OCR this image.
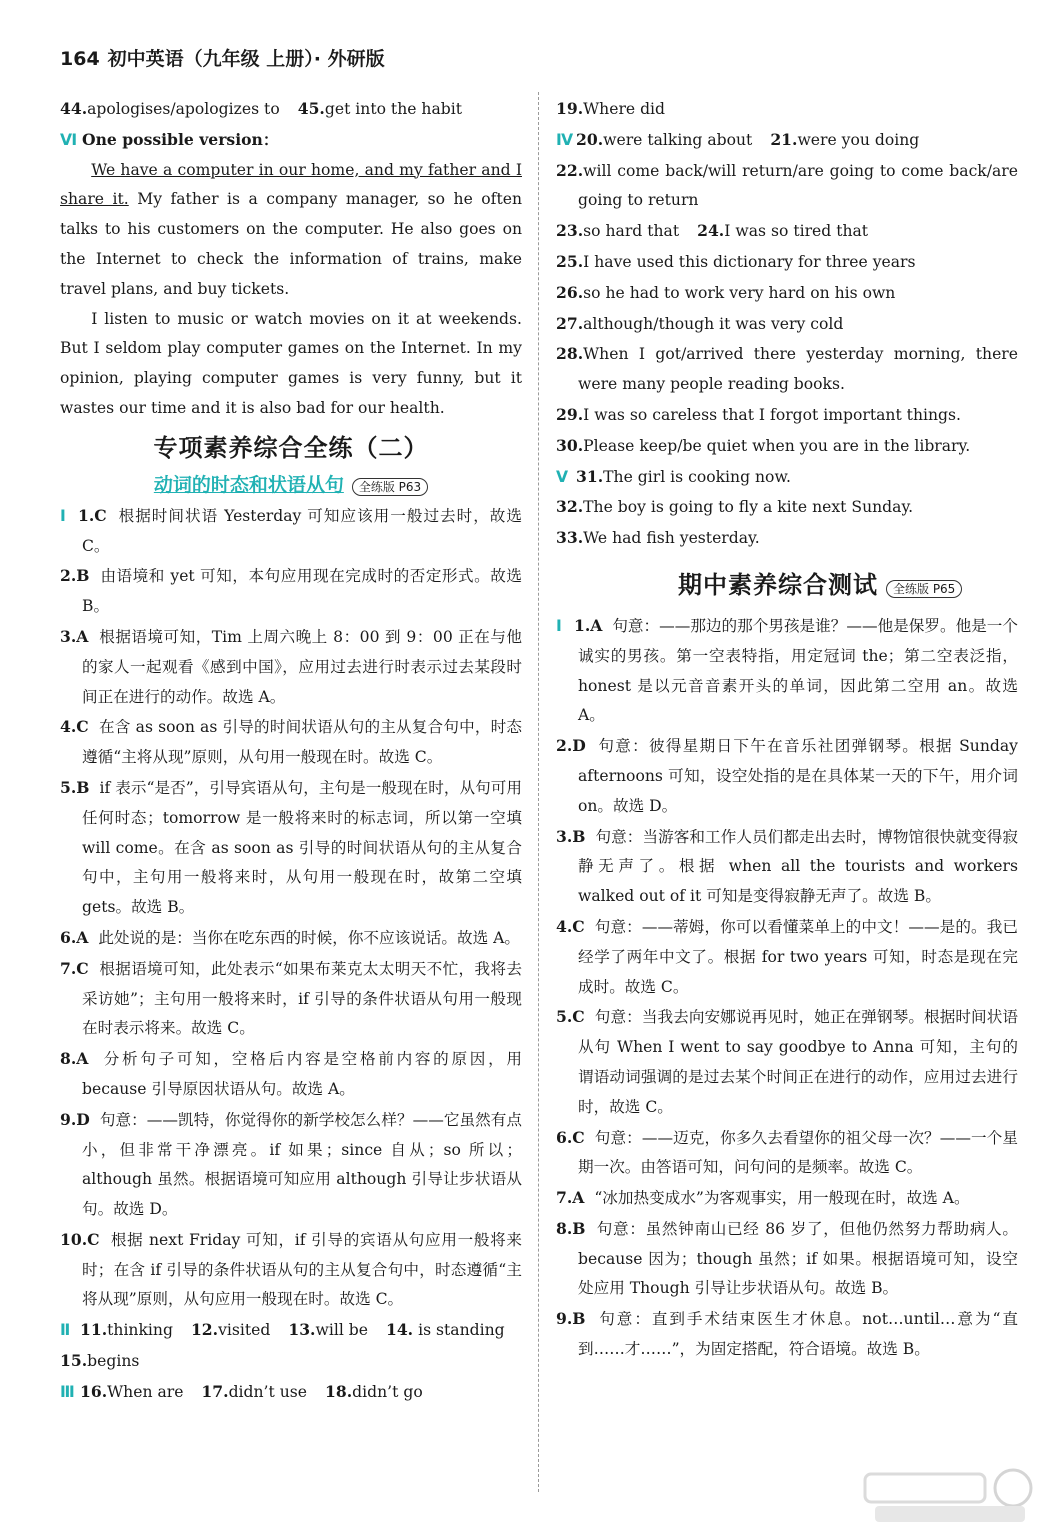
164 初中英语（九年级 上册）· 外研版
44.apologises/apologizes to 45.get into the habit
Ⅵ One possible version：
We have a computer in our home, and my father and I share it. My father is a company manager, so he often talks to his customers on the computer. He also goes on the Internet to check the information of trains, make travel plans, and buy tickets.
I listen to music or watch movies on it at weekends. But I seldom play computer games on the Internet. In my opinion, playing computer games is very funny, but it wastes our time and it is also bad for our health.
专项素养综合全练（二）
动词的时态和状语从句 全练版 P63
Ⅰ 1.C 根据时间状语 Yesterday 可知应该用一般过去时，故选 C。
2.B 由语境和 yet 可知，本句应用现在完成时的否定形式。故选 B。
3.A 根据语境可知，Tim 上周六晚上 8：00 到 9：00 正在与他的家人一起观看《感到中国》，应用过去进行时表示过去某段时间正在进行的动作。故选 A。
4.C 在含 as soon as 引导的时间状语从句的主从复合句中，时态遵循“主将从现”原则，从句用一般现在时。故选 C。
5.B if 表示“是否”，引导宾语从句，主句是一般现在时，从句可用任何时态；tomorrow 是一般将来时的标志词，所以第一空填 will come。在含 as soon as 引导的时间状语从句的主从复合句中，主句用一般将来时，从句用一般现在时，故第二空填 gets。故选 B。
6.A 此处说的是：当你在吃东西的时候，你不应该说话。故选 A。
7.C 根据语境可知，此处表示“如果布莱克太太明天不忙，我将去采访她”；主句用一般将来时，if 引导的条件状语从句用一般现在时表示将来。故选 C。
8.A 分析句子可知，空格后内容是空格前内容的原因，用 because 引导原因状语从句。故选 A。
9.D 句意：——凯特，你觉得你的新学校怎么样？——它虽然有点小，但非常干净漂亮。if 如果；since 自从；so 所以；although 虽然。根据语境可知应用 although 引导让步状语从句。故选 D。
10.C 根据 next Friday 可知，if 引导的宾语从句应用一般将来时；在含 if 引导的条件状语从句的主从复合句中，时态遵循“主将从现”原则，从句应用一般现在时。故选 C。
Ⅱ 11.thinking 12.visited 13.will be 14. is standing
15.begins
Ⅲ 16.When are 17.didn’t use 18.didn’t go
19.Where did
Ⅳ 20.were talking about 21.were you doing
22.will come back/will return/are going to come back/are going to return
23.so hard that 24.I was so tired that
25.I have used this dictionary for three years
26.so he had to work very hard on his own
27.although/though it was very cold
28.When I got/arrived there yesterday morning, there were many people reading books.
29.I was so careless that I forgot important things.
30.Please keep/be quiet when you are in the library.
Ⅴ 31.The girl is cooking now.
32.The boy is going to fly a kite next Sunday.
33.We had fish yesterday.
期中素养综合测试 全练版 P65
Ⅰ 1.A 句意：——那边的那个男孩是谁？——他是保罗。他是一个诚实的男孩。第一空表特指，用定冠词 the；第二空表泛指，honest 是以元音音素开头的单词，因此第二空用 an。故选 A。
2.D 句意：彼得星期日下午在音乐社团弹钢琴。根据 Sunday afternoons 可知，设空处指的是在具体某一天的下午，用介词 on。故选 D。
3.B 句意：当游客和工作人员们都走出去时，博物馆很快就变得寂静无声了。根据 when all the tourists and workers walked out of it 可知是变得寂静无声了。故选 B。
4.C 句意：——蒂姆，你可以看懂菜单上的中文！——是的。我已经学了两年中文了。根据 for two years 可知，时态是现在完成时。故选 C。
5.C 句意：当我去向安娜说再见时，她正在弹钢琴。根据时间状语从句 When I went to say goodbye to Anna 可知，主句的谓语动词强调的是过去某个时间正在进行的动作，应用过去进行时，故选 C。
6.C 句意：——迈克，你多久去看望你的祖父母一次？——一个星期一次。由答语可知，问句问的是频率。故选 C。
7.A “冰加热变成水”为客观事实，用一般现在时，故选 A。
8.B 句意：虽然钟南山已经 86 岁了，但他仍然努力帮助病人。because 因为；though 虽然；if 如果。根据语境可知，设空处应用 Though 引导让步状语从句。故选 B。
9.B 句意：直到手术结束医生才休息。not…until…意为“直到……才……”，为固定搭配，符合语境。故选 B。
